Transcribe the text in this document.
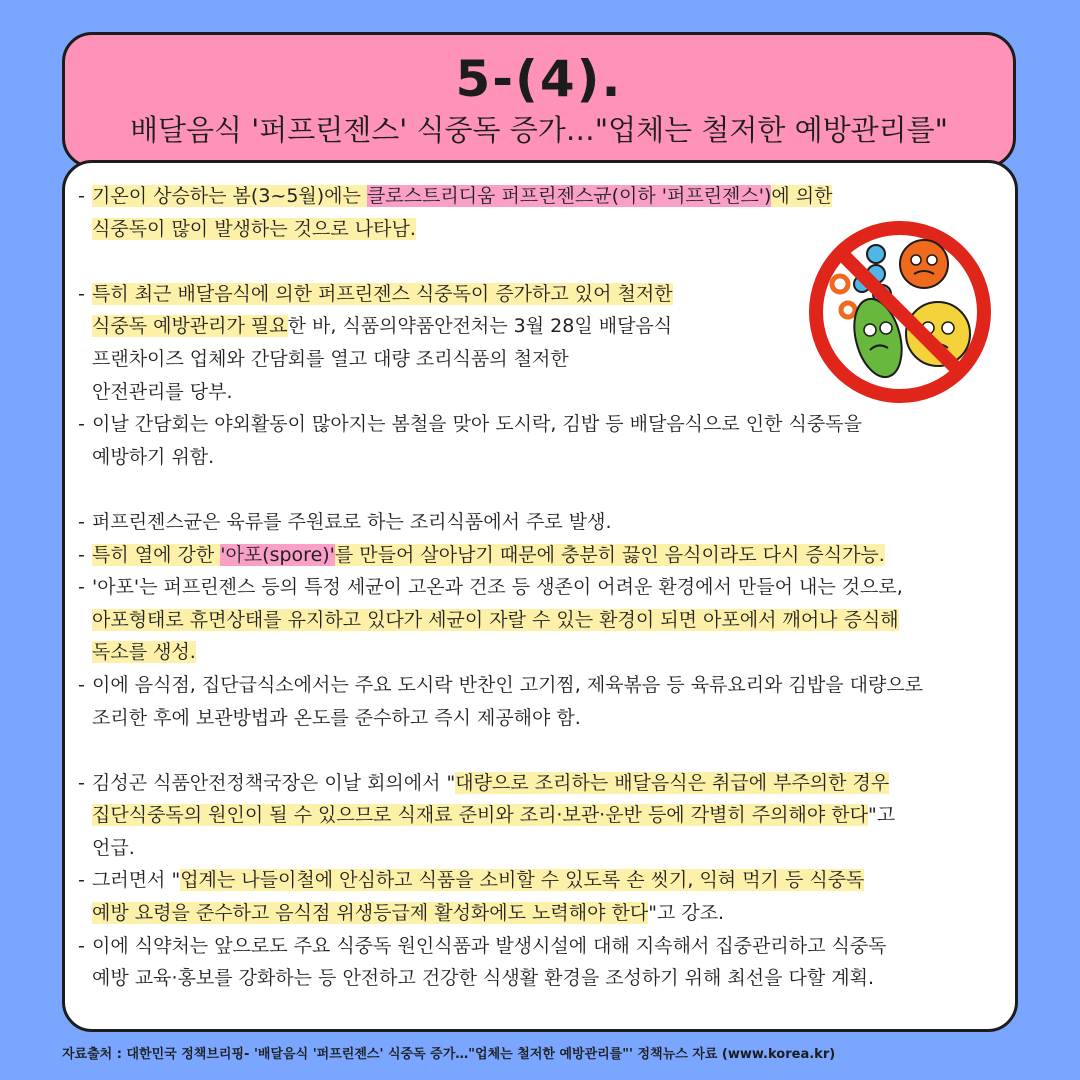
5-(4).
배달음식 '퍼프린젠스' 식중독 증가…"업체는 철저한 예방관리를"
- 기온이 상승하는 봄(3~5월)에는 클로스트리디움 퍼프린젠스균(이하 '퍼프린젠스')에 의한
식중독이 많이 발생하는 것으로 나타남.
- 특히 최근 배달음식에 의한 퍼프린젠스 식중독이 증가하고 있어 철저한
식중독 예방관리가 필요한 바, 식품의약품안전처는 3월 28일 배달음식
프랜차이즈 업체와 간담회를 열고 대량 조리식품의 철저한
안전관리를 당부.
- 이날 간담회는 야외활동이 많아지는 봄철을 맞아 도시락, 김밥 등 배달음식으로 인한 식중독을
예방하기 위함.
- 퍼프린젠스균은 육류를 주원료로 하는 조리식품에서 주로 발생.
- 특히 열에 강한 '아포(spore)'를 만들어 살아남기 때문에 충분히 끓인 음식이라도 다시 증식가능.
- '아포'는 퍼프린젠스 등의 특정 세균이 고온과 건조 등 생존이 어려운 환경에서 만들어 내는 것으로,
아포형태로 휴면상태를 유지하고 있다가 세균이 자랄 수 있는 환경이 되면 아포에서 깨어나 증식해
독소를 생성.
- 이에 음식점, 집단급식소에서는 주요 도시락 반찬인 고기찜, 제육볶음 등 육류요리와 김밥을 대량으로
조리한 후에 보관방법과 온도를 준수하고 즉시 제공해야 함.
- 김성곤 식품안전정책국장은 이날 회의에서 "대량으로 조리하는 배달음식은 취급에 부주의한 경우
집단식중독의 원인이 될 수 있으므로 식재료 준비와 조리·보관·운반 등에 각별히 주의해야 한다"고
언급.
- 그러면서 "업계는 나들이철에 안심하고 식품을 소비할 수 있도록 손 씻기, 익혀 먹기 등 식중독
예방 요령을 준수하고 음식점 위생등급제 활성화에도 노력해야 한다"고 강조.
- 이에 식약처는 앞으로도 주요 식중독 원인식품과 발생시설에 대해 지속해서 집중관리하고 식중독
예방 교육·홍보를 강화하는 등 안전하고 건강한 식생활 환경을 조성하기 위해 최선을 다할 계획.
자료출처 : 대한민국 정책브리핑- '배달음식 '퍼프린젠스' 식중독 증가…"업체는 철저한 예방관리를"' 정책뉴스 자료 (www.korea.kr)
